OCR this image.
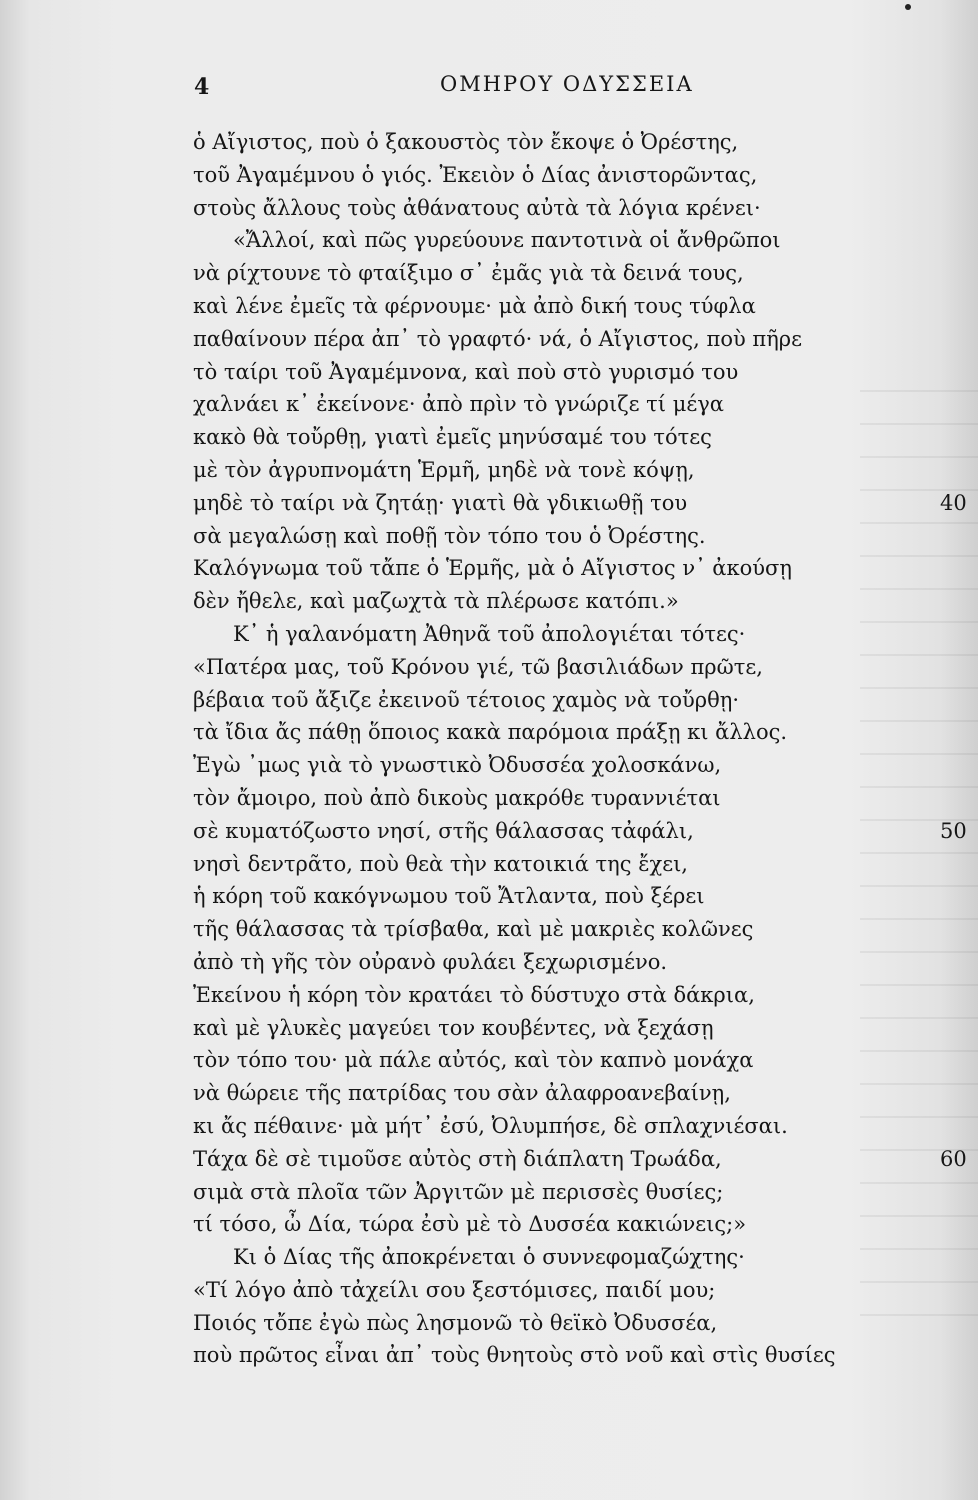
4	ΟΜΗΡΟΥ ΟΔΥΣΣΕΙΑ
ὁ Αἴγιστος, ποὺ ὁ ξακουστὸς τὸν ἔκοψε ὁ Ὀρέστης,
τοῦ Ἀγαμέμνου ὁ γιός. Ἐκειὸν ὁ Δίας ἀνιστορῶντας,
στοὺς ἄλλους τοὺς ἀθάνατους αὐτὰ τὰ λόγια κρένει·
«Ἄλλοί, καὶ πῶς γυρεύουνε παντοτινὰ οἱ ἄνθρῶποι
νὰ ρίχτουνε τὸ φταίξιμο σ᾽ ἐμᾶς γιὰ τὰ δεινά τους,
καὶ λένε ἐμεῖς τὰ φέρνουμε· μὰ ἀπὸ δική τους τύφλα
παθαίνουν πέρα ἀπ᾽ τὸ γραφτό· νά, ὁ Αἴγιστος, ποὺ πῆρε
τὸ ταίρι τοῦ Ἀγαμέμνονα, καὶ ποὺ στὸ γυρισμό του
χαλνάει κ᾽ ἐκείνονε· ἀπὸ πρὶν τὸ γνώριζε τί μέγα
κακὸ θὰ τοὔρθῃ, γιατὶ ἐμεῖς μηνύσαμέ του τότες
μὲ τὸν ἀγρυπνομάτη Ἑρμῆ, μηδὲ νὰ τονὲ κόψῃ,
μηδὲ τὸ ταίρι νὰ ζητάῃ· γιατὶ θὰ γδικιωθῇ του	40
σὰ μεγαλώσῃ καὶ ποθῇ τὸν τόπο του ὁ Ὀρέστης.
Καλόγνωμα τοῦ τἄπε ὁ Ἑρμῆς, μὰ ὁ Αἴγιστος ν᾽ ἀκούσῃ
δὲν ἤθελε, καὶ μαζωχτὰ τὰ πλέρωσε κατόπι.»
Κ᾽ ἡ γαλανόματη Ἀθηνᾶ τοῦ ἀπολογιέται τότες·
«Πατέρα μας, τοῦ Κρόνου γιέ, τῶ βασιλιάδων πρῶτε,
βέβαια τοῦ ἄξιζε ἐκεινοῦ τέτοιος χαμὸς νὰ τοὔρθῃ·
τὰ ἴδια ἄς πάθῃ ὅποιος κακὰ παρόμοια πράξῃ κι ἄλλος.
Ἐγὼ ᾽μως γιὰ τὸ γνωστικὸ Ὀδυσσέα χολοσκάνω,
τὸν ἄμοιρο, ποὺ ἀπὸ δικοὺς μακρόθε τυραννιέται
σὲ κυματόζωστο νησί, στῆς θάλασσας τἀφάλι,	50
νησὶ δεντρᾶτο, ποὺ θεὰ τὴν κατοικιά της ἔχει,
ἡ κόρη τοῦ κακόγνωμου τοῦ Ἄτλαντα, ποὺ ξέρει
τῆς θάλασσας τὰ τρίσβαθα, καὶ μὲ μακριὲς κολῶνες
ἀπὸ τὴ γῆς τὸν οὐρανὸ φυλάει ξεχωρισμένο.
Ἐκείνου ἡ κόρη τὸν κρατάει τὸ δύστυχο στὰ δάκρια,
καὶ μὲ γλυκὲς μαγεύει τον κουβέντες, νὰ ξεχάσῃ
τὸν τόπο του· μὰ πάλε αὐτός, καὶ τὸν καπνὸ μονάχα
νὰ θώρειε τῆς πατρίδας του σὰν ἀλαφροανεβαίνῃ,
κι ἄς πέθαινε· μὰ μήτ᾽ ἐσύ, Ὀλυμπήσε, δὲ σπλαχνιέσαι.
Τάχα δὲ σὲ τιμοῦσε αὐτὸς στὴ διάπλατη Τρωάδα,	60
σιμὰ στὰ πλοῖα τῶν Ἀργιτῶν μὲ περισσὲς θυσίες;
τί τόσο, ὦ Δία, τώρα ἐσὺ μὲ τὸ Δυσσέα κακιώνεις;»
Κι ὁ Δίας τῆς ἀποκρένεται ὁ συννεφομαζώχτης·
«Τί λόγο ἀπὸ τἀχείλι σου ξεστόμισες, παιδί μου;
Ποιός τὄπε ἐγὼ πὼς λησμονῶ τὸ θεϊκὸ Ὀδυσσέα,
ποὺ πρῶτος εἶναι ἀπ᾽ τοὺς θνητοὺς στὸ νοῦ καὶ στὶς θυσίες
